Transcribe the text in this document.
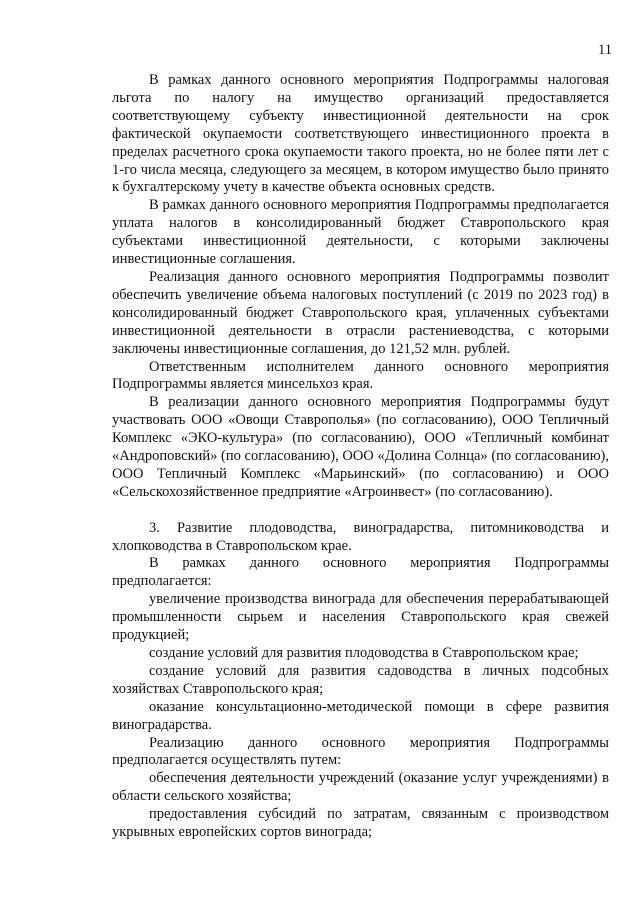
11

В рамках данного основного мероприятия Подпрограммы налоговая льгота по налогу на имущество организаций предоставляется соответствующему субъекту инвестиционной деятельности на срок фактической окупаемости соответствующего инвестиционного проекта в пределах расчетного срока окупаемости такого проекта, но не более пяти лет с 1-го числа месяца, следующего за месяцем, в котором имущество было принято к бухгалтерскому учету в качестве объекта основных средств.

В рамках данного основного мероприятия Подпрограммы предполагается уплата налогов в консолидированный бюджет Ставропольского края субъектами инвестиционной деятельности, с которыми заключены инвестиционные соглашения.

Реализация данного основного мероприятия Подпрограммы позволит обеспечить увеличение объема налоговых поступлений (с 2019 по 2023 год) в консолидированный бюджет Ставропольского края, уплаченных субъектами инвестиционной деятельности в отрасли растениеводства, с которыми заключены инвестиционные соглашения, до 121,52 млн. рублей.

Ответственным исполнителем данного основного мероприятия Подпрограммы является минсельхоз края.

В реализации данного основного мероприятия Подпрограммы будут участвовать ООО «Овощи Ставрополья» (по согласованию), ООО Тепличный Комплекс «ЭКО-культура» (по согласованию), ООО «Тепличный комбинат «Андроповский» (по согласованию), ООО «Долина Солнца» (по согласованию), ООО Тепличный Комплекс «Марьинский» (по согласованию) и ООО «Сельскохозяйственное предприятие «Агроинвест» (по согласованию).

3. Развитие плодоводства, виноградарства, питомниководства и хлопководства в Ставропольском крае.

В рамках данного основного мероприятия Подпрограммы предполагается:

увеличение производства винограда для обеспечения перерабатывающей промышленности сырьем и населения Ставропольского края свежей продукцией;

создание условий для развития плодоводства в Ставропольском крае;

создание условий для развития садоводства в личных подсобных хозяйствах Ставропольского края;

оказание консультационно-методической помощи в сфере развития виноградарства.

Реализацию данного основного мероприятия Подпрограммы предполагается осуществлять путем:

обеспечения деятельности учреждений (оказание услуг учреждениями) в области сельского хозяйства;

предоставления субсидий по затратам, связанным с производством укрывных европейских сортов винограда;
